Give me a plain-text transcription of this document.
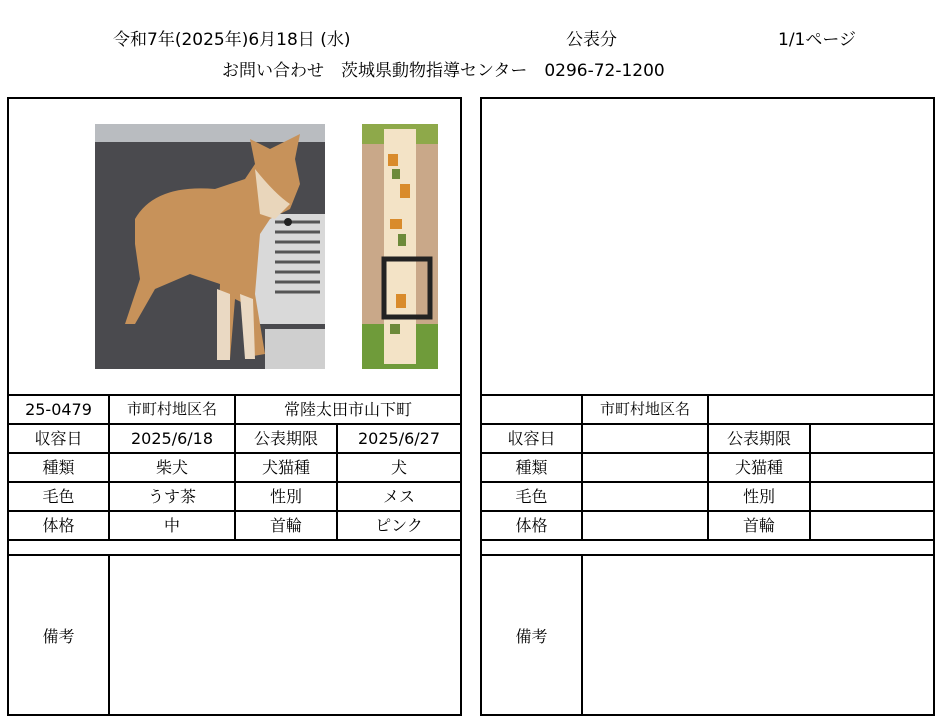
令和7年(2025年)6月18日 (水)	公表分	1/1ページ
お問い合わせ　茨城県動物指導センター　0296-72-1200
25-0479	市町村地区名	常陸太田市山下町	
収容日	2025/6/18	公表期限	2025/6/27
種類	柴犬	犬猫種	犬
毛色	うす茶	性別	メス
体格	中	首輪	ピンク
備考	
	市町村地区名		
収容日		公表期限	
種類		犬猫種	
毛色		性別	
体格		首輪	
備考	
